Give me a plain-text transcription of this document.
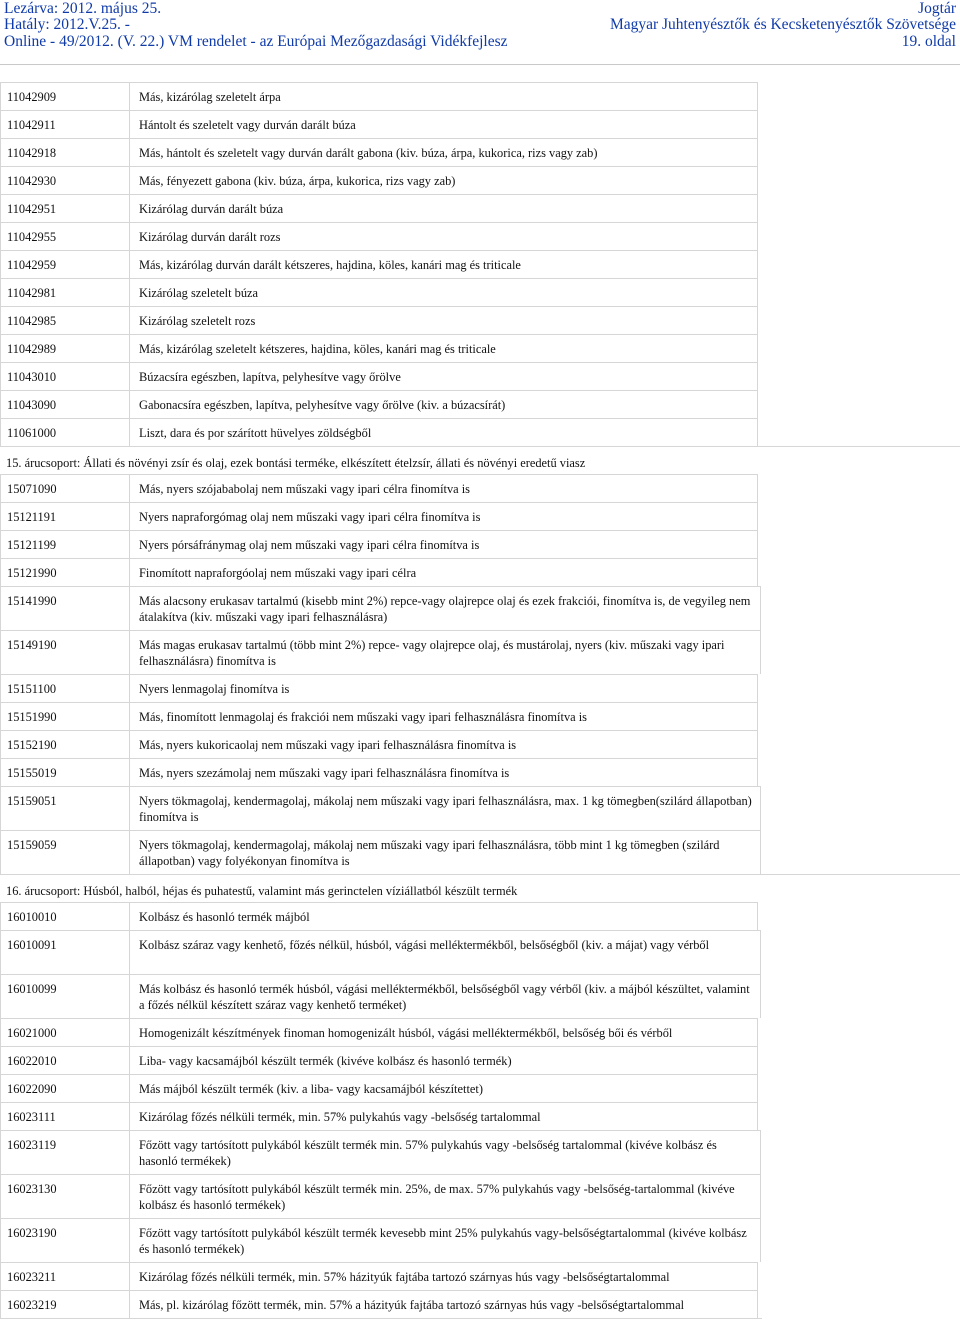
Lezárva: 2012. május 25.
Hatály: 2012.V.25. -
Online - 49/2012. (V. 22.) VM rendelet - az Európai Mezőgazdasági Vidékfejlesz
Jogtár
Magyar Juhtenyésztők és Kecsketenyésztők Szövetsége
19. oldal
11042909	Más, kizárólag szeletelt árpa
11042911	Hántolt és szeletelt vagy durván darált búza
11042918	Más, hántolt és szeletelt vagy durván darált gabona (kiv. búza, árpa, kukorica, rizs vagy zab)
11042930	Más, fényezett gabona (kiv. búza, árpa, kukorica, rizs vagy zab)
11042951	Kizárólag durván darált búza
11042955	Kizárólag durván darált rozs
11042959	Más, kizárólag durván darált kétszeres, hajdina, köles, kanári mag és triticale
11042981	Kizárólag szeletelt búza
11042985	Kizárólag szeletelt rozs
11042989	Más, kizárólag szeletelt kétszeres, hajdina, köles, kanári mag és triticale
11043010	Búzacsíra egészben, lapítva, pelyhesítve vagy őrölve
11043090	Gabonacsíra egészben, lapítva, pelyhesítve vagy őrölve (kiv. a búzacsírát)
11061000	Liszt, dara és por szárított hüvelyes zöldségből
15. árucsoport: Állati és növényi zsír és olaj, ezek bontási terméke, elkészített ételzsír, állati és növényi eredetű viasz
15071090	Más, nyers szójababolaj nem műszaki vagy ipari célra finomítva is
15121191	Nyers napraforgómag olaj nem műszaki vagy ipari célra finomítva is
15121199	Nyers pórsáfránymag olaj nem műszaki vagy ipari célra finomítva is
15121990	Finomított napraforgóolaj nem műszaki vagy ipari célra
15141990	Más alacsony erukasav tartalmú (kisebb mint 2%) repce-vagy olajrepce olaj és ezek frakciói, finomítva is, de vegyileg nem átalakítva (kiv. műszaki vagy ipari felhasználásra)
15149190	Más magas erukasav tartalmú (több mint 2%) repce- vagy olajrepce olaj, és mustárolaj, nyers (kiv. műszaki vagy ipari felhasználásra) finomítva is
15151100	Nyers lenmagolaj finomítva is
15151990	Más, finomított lenmagolaj és frakciói nem műszaki vagy ipari felhasználásra finomítva is
15152190	Más, nyers kukoricaolaj nem műszaki vagy ipari felhasználásra finomítva is
15155019	Más, nyers szezámolaj nem műszaki vagy ipari felhasználásra finomítva is
15159051	Nyers tökmagolaj, kendermagolaj, mákolaj nem műszaki vagy ipari felhasználásra, max. 1 kg tömegben(szilárd állapotban) finomítva is
15159059	Nyers tökmagolaj, kendermagolaj, mákolaj nem műszaki vagy ipari felhasználásra, több mint 1 kg tömegben (szilárd állapotban) vagy folyékonyan finomítva is
16. árucsoport: Húsból, halból, héjas és puhatestű, valamint más gerinctelen víziállatból készült termék
16010010	Kolbász és hasonló termék májból
16010091	Kolbász száraz vagy kenhető, főzés nélkül, húsból, vágási melléktermékből, belsőségből (kiv. a májat) vagy vérből
16010099	Más kolbász és hasonló termék húsból, vágási melléktermékből, belsőségből vagy vérből (kiv. a májból készültet, valamint a főzés nélkül készített száraz vagy kenhető terméket)
16021000	Homogenizált készítmények finoman homogenizált húsból, vágási melléktermékből, belsőség bői és vérből
16022010	Liba- vagy kacsamájból készült termék (kivéve kolbász és hasonló termék)
16022090	Más májból készült termék (kiv. a liba- vagy kacsamájból készítettet)
16023111	Kizárólag főzés nélküli termék, min. 57% pulykahús vagy -belsőség tartalommal
16023119	Főzött vagy tartósított pulykából készült termék min. 57% pulykahús vagy -belsőség tartalommal (kivéve kolbász és hasonló termékek)
16023130	Főzött vagy tartósított pulykából készült termék min. 25%, de max. 57% pulykahús vagy -belsőség-tartalommal (kivéve kolbász és hasonló termékek)
16023190	Főzött vagy tartósított pulykából készült termék kevesebb mint 25% pulykahús vagy-belsőségtartalommal (kivéve kolbász és hasonló termékek)
16023211	Kizárólag főzés nélküli termék, min. 57% házityúk fajtába tartozó szárnyas hús vagy -belsőségtartalommal
16023219	Más, pl. kizárólag főzött termék, min. 57% a házityúk fajtába tartozó szárnyas hús vagy -belsőségtartalommal
